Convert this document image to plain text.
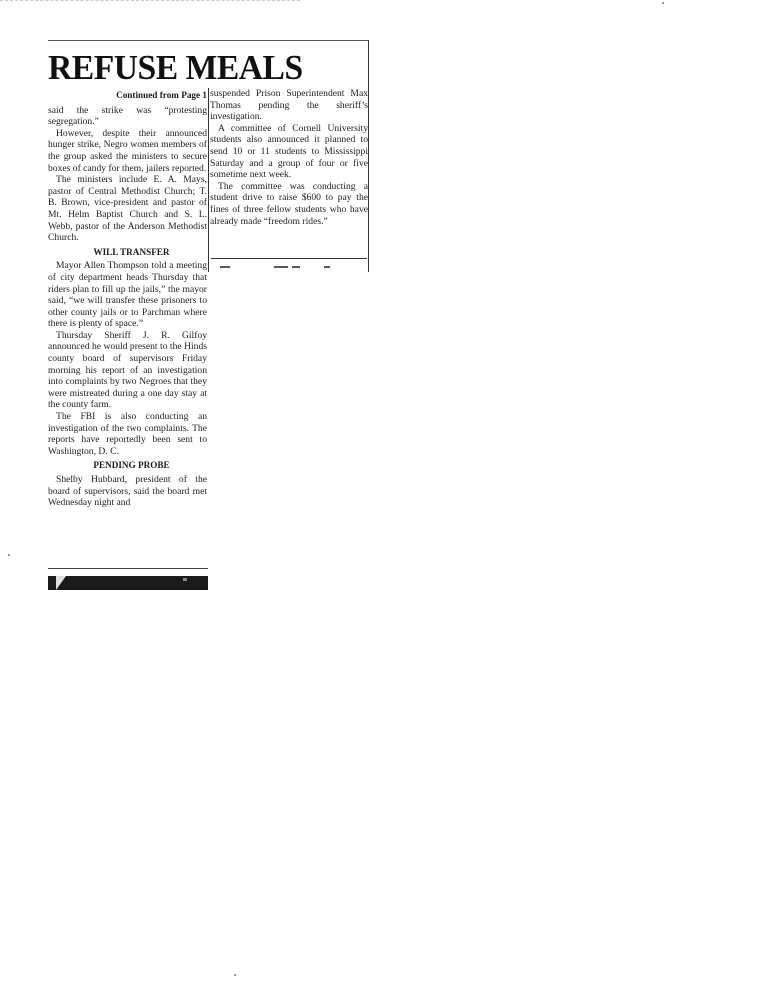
REFUSE MEALS

Continued from Page 1

said the strike was “protesting segregation.”

However, despite their announced hunger strike, Negro women members of the group asked the ministers to secure boxes of candy for them, jailers reported.

The ministers include E. A. Mays, pastor of Central Methodist Church; T. B. Brown, vice-president and pastor of Mt. Helm Baptist Church and S. L. Webb, pastor of the Anderson Methodist Church.

WILL TRANSFER

Mayor Allen Thompson told a meeting of city department heads Thursday that riders plan to fill up the jails,” the mayor said, “we will transfer these prisoners to other county jails or to Parchman where there is plenty of space.”

Thursday Sheriff J. R. Gilfoy announced he would present to the Hinds county board of supervisors Friday morning his report of an investigation into complaints by two Negroes that they were mistreated during a one day stay at the county farm.

The FBI is also conducting an investigation of the two complaints. The reports have reportedly been sent to Washington, D. C.

PENDING PROBE

Shelby Hubbard, president of the board of supervisors, said the board met Wednesday night and

suspended Prison Superintendent Max Thomas pending the sheriff’s investigation.

A committee of Cornell University students also announced it planned to send 10 or 11 students to Mississippi Saturday and a group of four or five sometime next week.

The committee was conducting a student drive to raise $600 to pay the fines of three fellow students who have already made “freedom rides.”
